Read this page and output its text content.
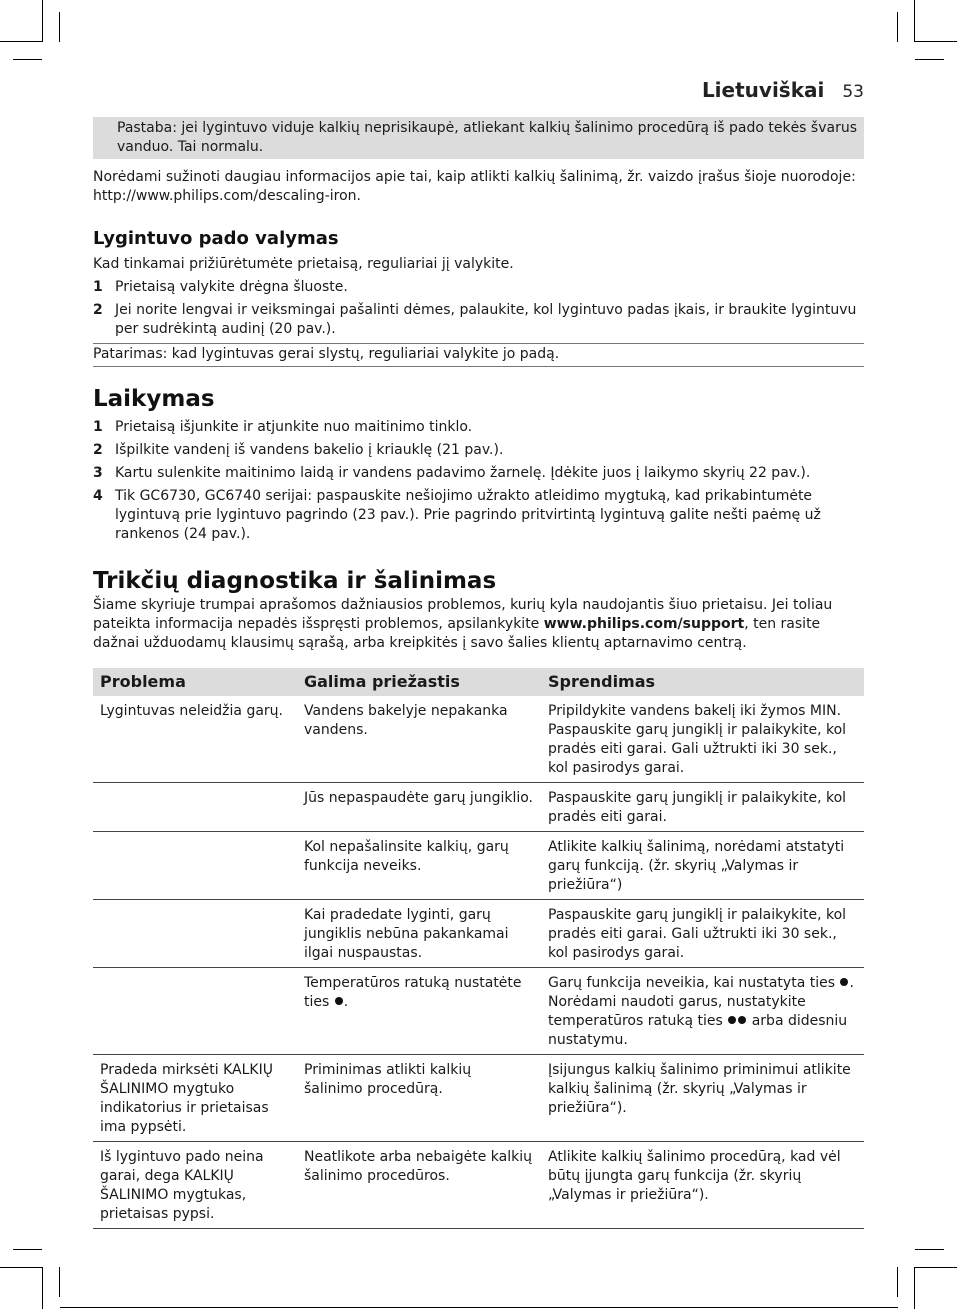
Lietuviškai 53
Pastaba: jei lygintuvo viduje kalkių neprisikaupė, atliekant kalkių šalinimo procedūrą iš pado tekės švarus vanduo. Tai normalu.
Norėdami sužinoti daugiau informacijos apie tai, kaip atlikti kalkių šalinimą, žr. vaizdo įrašus šioje nuorodoje: http://www.philips.com/descaling-iron.
Lygintuvo pado valymas
Kad tinkamai prižiūrėtumėte prietaisą, reguliariai jį valykite.
1 Prietaisą valykite drėgna šluoste.
2 Jei norite lengvai ir veiksmingai pašalinti dėmes, palaukite, kol lygintuvo padas įkais, ir braukite lygintuvu per sudrėkintą audinį (20 pav.).
Patarimas: kad lygintuvas gerai slystų, reguliariai valykite jo padą.
Laikymas
1 Prietaisą išjunkite ir atjunkite nuo maitinimo tinklo.
2 Išpilkite vandenį iš vandens bakelio į kriauklę (21 pav.).
3 Kartu sulenkite maitinimo laidą ir vandens padavimo žarnelę. Įdėkite juos į laikymo skyrių 22 pav.).
4 Tik GC6730, GC6740 serijai: paspauskite nešiojimo užrakto atleidimo mygtuką, kad prikabintumėte lygintuvą prie lygintuvo pagrindo (23 pav.). Prie pagrindo pritvirtintą lygintuvą galite nešti paėmę už rankenos (24 pav.).
Trikčių diagnostika ir šalinimas
Šiame skyriuje trumpai aprašomos dažniausios problemos, kurių kyla naudojantis šiuo prietaisu. Jei toliau pateikta informacija nepadės išspręsti problemos, apsilankykite www.philips.com/support, ten rasite dažnai užduodamų klausimų sąrašą, arba kreipkitės į savo šalies klientų aptarnavimo centrą.
Problema	Galima priežastis	Sprendimas
Lygintuvas neleidžia garų.	Vandens bakelyje nepakanka vandens.	Pripildykite vandens bakelį iki žymos MIN. Paspauskite garų jungiklį ir palaikykite, kol pradės eiti garai. Gali užtrukti iki 30 sek., kol pasirodys garai.
	Jūs nepaspaudėte garų jungiklio.	Paspauskite garų jungiklį ir palaikykite, kol pradės eiti garai.
	Kol nepašalinsite kalkių, garų funkcija neveiks.	Atlikite kalkių šalinimą, norėdami atstatyti garų funkciją. (žr. skyrių „Valymas ir priežiūra“)
	Kai pradedate lyginti, garų jungiklis nebūna pakankamai ilgai nuspaustas.	Paspauskite garų jungiklį ir palaikykite, kol pradės eiti garai. Gali užtrukti iki 30 sek., kol pasirodys garai.
	Temperatūros ratuką nustatėte ties .	Garų funkcija neveikia, kai nustatyta ties . Norėdami naudoti garus, nustatykite temperatūros ratuką ties  arba didesniu nustatymu.
Pradeda mirksėti KALKIŲ ŠALINIMO mygtuko indikatorius ir prietaisas ima pypsėti.	Priminimas atlikti kalkių šalinimo procedūrą.	Įsijungus kalkių šalinimo priminimui atlikite kalkių šalinimą (žr. skyrių „Valymas ir priežiūra“).
Iš lygintuvo pado neina garai, dega KALKIŲ ŠALINIMO mygtukas, prietaisas pypsi.	Neatlikote arba nebaigėte kalkių šalinimo procedūros.	Atlikite kalkių šalinimo procedūrą, kad vėl būtų įjungta garų funkcija (žr. skyrių „Valymas ir priežiūra“).
